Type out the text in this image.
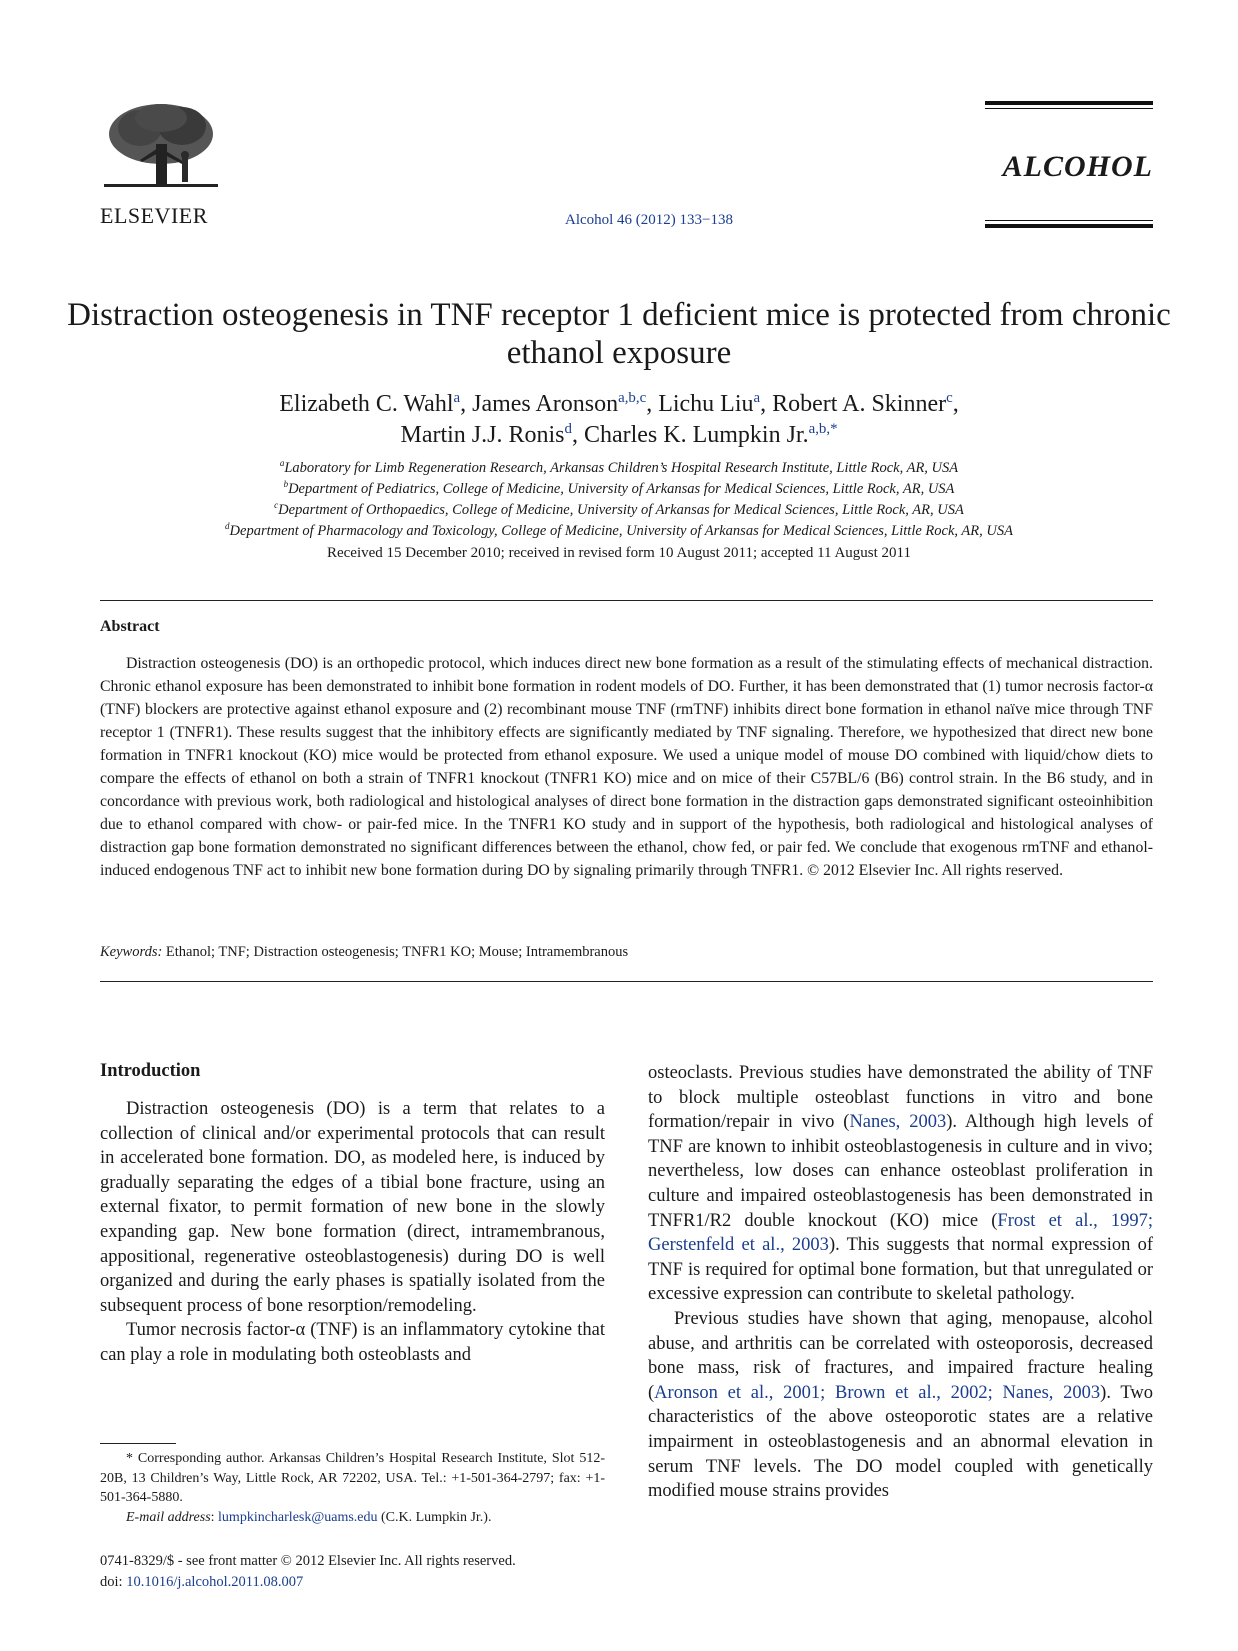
ELSEVIER	Alcohol 46 (2012) 133−138
ALCOHOL
Distraction osteogenesis in TNF receptor 1 deficient mice is protected from chronic ethanol exposure
Elizabeth C. Wahl$^a$, James Aronson$^{a,b,c}$, Lichu Liu$^a$, Robert A. Skinner$^c$,
Martin J.J. Ronis$^d$, Charles K. Lumpkin Jr.$^{a,b,*}$
$^a$Laboratory for Limb Regeneration Research, Arkansas Children’s Hospital Research Institute, Little Rock, AR, USA
$^b$Department of Pediatrics, College of Medicine, University of Arkansas for Medical Sciences, Little Rock, AR, USA
$^c$Department of Orthopaedics, College of Medicine, University of Arkansas for Medical Sciences, Little Rock, AR, USA
$^d$Department of Pharmacology and Toxicology, College of Medicine, University of Arkansas for Medical Sciences, Little Rock, AR, USA
Received 15 December 2010; received in revised form 10 August 2011; accepted 11 August 2011
Abstract

Distraction osteogenesis (DO) is an orthopedic protocol, which induces direct new bone formation as a result of the stimulating effects of mechanical distraction. Chronic ethanol exposure has been demonstrated to inhibit bone formation in rodent models of DO. Further, it has been demonstrated that (1) tumor necrosis factor-α (TNF) blockers are protective against ethanol exposure and (2) recombinant mouse TNF (rmTNF) inhibits direct bone formation in ethanol naïve mice through TNF receptor 1 (TNFR1). These results suggest that the inhibitory effects are significantly mediated by TNF signaling. Therefore, we hypothesized that direct new bone formation in TNFR1 knockout (KO) mice would be protected from ethanol exposure. We used a unique model of mouse DO combined with liquid/chow diets to compare the effects of ethanol on both a strain of TNFR1 knockout (TNFR1 KO) mice and on mice of their C57BL/6 (B6) control strain. In the B6 study, and in concordance with previous work, both radiological and histological analyses of direct bone formation in the distraction gaps demonstrated significant osteoinhibition due to ethanol compared with chow- or pair-fed mice. In the TNFR1 KO study and in support of the hypothesis, both radiological and histological analyses of distraction gap bone formation demonstrated no significant differences between the ethanol, chow fed, or pair fed. We conclude that exogenous rmTNF and ethanol-induced endogenous TNF act to inhibit new bone formation during DO by signaling primarily through TNFR1. © 2012 Elsevier Inc. All rights reserved.

Keywords: Ethanol; TNF; Distraction osteogenesis; TNFR1 KO; Mouse; Intramembranous
Introduction

Distraction osteogenesis (DO) is a term that relates to a collection of clinical and/or experimental protocols that can result in accelerated bone formation. DO, as modeled here, is induced by gradually separating the edges of a tibial bone fracture, using an external fixator, to permit formation of new bone in the slowly expanding gap. New bone formation (direct, intramembranous, appositional, regenerative osteoblastogenesis) during DO is well organized and during the early phases is spatially isolated from the subsequent process of bone resorption/remodeling.

Tumor necrosis factor-α (TNF) is an inflammatory cytokine that can play a role in modulating both osteoblasts and

osteoclasts. Previous studies have demonstrated the ability of TNF to block multiple osteoblast functions in vitro and bone formation/repair in vivo (Nanes, 2003). Although high levels of TNF are known to inhibit osteoblastogenesis in culture and in vivo; nevertheless, low doses can enhance osteoblast proliferation in culture and impaired osteoblastogenesis has been demonstrated in TNFR1/R2 double knockout (KO) mice (Frost et al., 1997; Gerstenfeld et al., 2003). This suggests that normal expression of TNF is required for optimal bone formation, but that unregulated or excessive expression can contribute to skeletal pathology.

Previous studies have shown that aging, menopause, alcohol abuse, and arthritis can be correlated with osteoporosis, decreased bone mass, risk of fractures, and impaired fracture healing (Aronson et al., 2001; Brown et al., 2002; Nanes, 2003). Two characteristics of the above osteoporotic states are a relative impairment in osteoblastogenesis and an abnormal elevation in serum TNF levels. The DO model coupled with genetically modified mouse strains provides

* Corresponding author. Arkansas Children’s Hospital Research Institute, Slot 512-20B, 13 Children’s Way, Little Rock, AR 72202, USA. Tel.: +1-501-364-2797; fax: +1-501-364-5880.

E-mail address: lumpkincharlesk@uams.edu (C.K. Lumpkin Jr.).

0741-8329/$ - see front matter © 2012 Elsevier Inc. All rights reserved.
doi: 10.1016/j.alcohol.2011.08.007
